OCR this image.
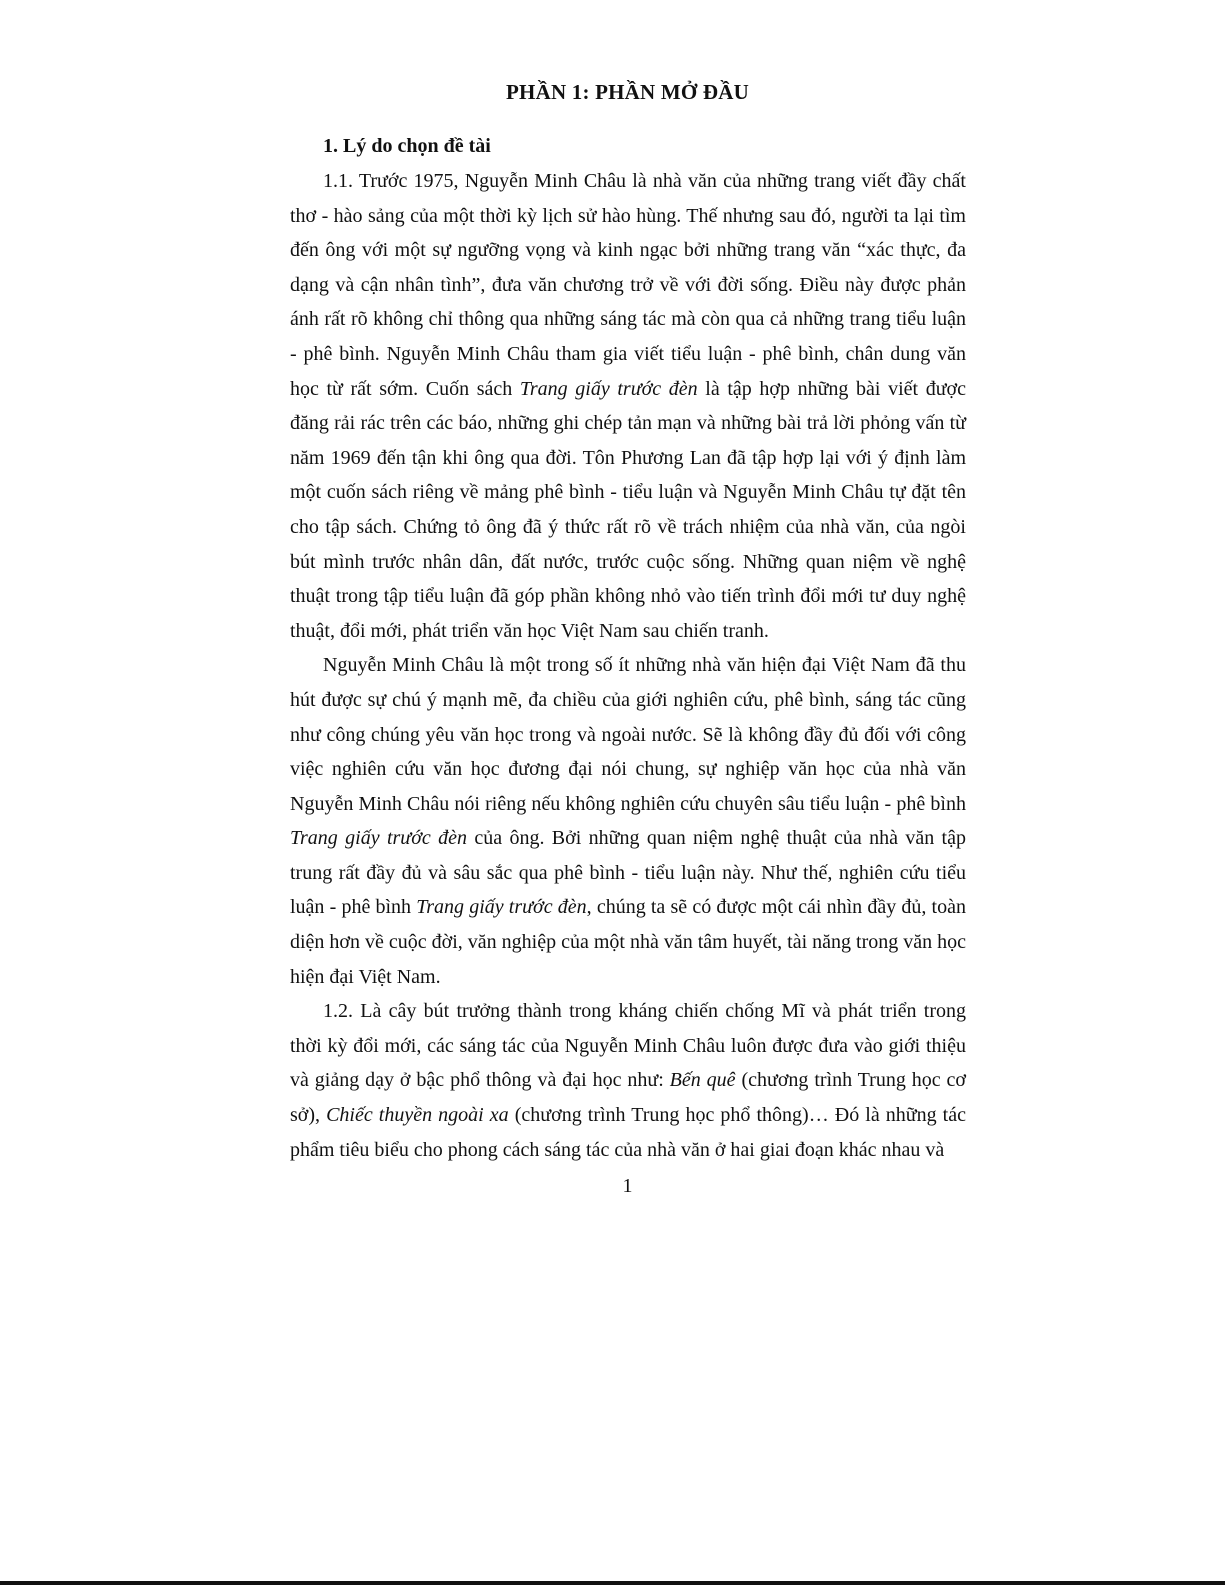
PHẦN 1: PHẦN MỞ ĐẦU

1. Lý do chọn đề tài

1.1. Trước 1975, Nguyễn Minh Châu là nhà văn của những trang viết đầy chất thơ - hào sảng của một thời kỳ lịch sử hào hùng. Thế nhưng sau đó, người ta lại tìm đến ông với một sự ngưỡng vọng và kinh ngạc bởi những trang văn “xác thực, đa dạng và cận nhân tình”, đưa văn chương trở về với đời sống. Điều này được phản ánh rất rõ không chỉ thông qua những sáng tác mà còn qua cả những trang tiểu luận - phê bình. Nguyễn Minh Châu tham gia viết tiểu luận - phê bình, chân dung văn học từ rất sớm. Cuốn sách Trang giấy trước đèn là tập hợp những bài viết được đăng rải rác trên các báo, những ghi chép tản mạn và những bài trả lời phỏng vấn từ năm 1969 đến tận khi ông qua đời. Tôn Phương Lan đã tập hợp lại với ý định làm một cuốn sách riêng về mảng phê bình - tiểu luận và Nguyễn Minh Châu tự đặt tên cho tập sách. Chứng tỏ ông đã ý thức rất rõ về trách nhiệm của nhà văn, của ngòi bút mình trước nhân dân, đất nước, trước cuộc sống. Những quan niệm về nghệ thuật trong tập tiểu luận đã góp phần không nhỏ vào tiến trình đổi mới tư duy nghệ thuật, đổi mới, phát triển văn học Việt Nam sau chiến tranh.

Nguyễn Minh Châu là một trong số ít những nhà văn hiện đại Việt Nam đã thu hút được sự chú ý mạnh mẽ, đa chiều của giới nghiên cứu, phê bình, sáng tác cũng như công chúng yêu văn học trong và ngoài nước. Sẽ là không đầy đủ đối với công việc nghiên cứu văn học đương đại nói chung, sự nghiệp văn học của nhà văn Nguyễn Minh Châu nói riêng nếu không nghiên cứu chuyên sâu tiểu luận - phê bình Trang giấy trước đèn của ông. Bởi những quan niệm nghệ thuật của nhà văn tập trung rất đầy đủ và sâu sắc qua phê bình - tiểu luận này. Như thế, nghiên cứu tiểu luận - phê bình Trang giấy trước đèn, chúng ta sẽ có được một cái nhìn đầy đủ, toàn diện hơn về cuộc đời, văn nghiệp của một nhà văn tâm huyết, tài năng trong văn học hiện đại Việt Nam.

1.2. Là cây bút trưởng thành trong kháng chiến chống Mĩ và phát triển trong thời kỳ đổi mới, các sáng tác của Nguyễn Minh Châu luôn được đưa vào giới thiệu và giảng dạy ở bậc phổ thông và đại học như: Bến quê (chương trình Trung học cơ sở), Chiếc thuyền ngoài xa (chương trình Trung học phổ thông)… Đó là những tác phẩm tiêu biểu cho phong cách sáng tác của nhà văn ở hai giai đoạn khác nhau và

1
